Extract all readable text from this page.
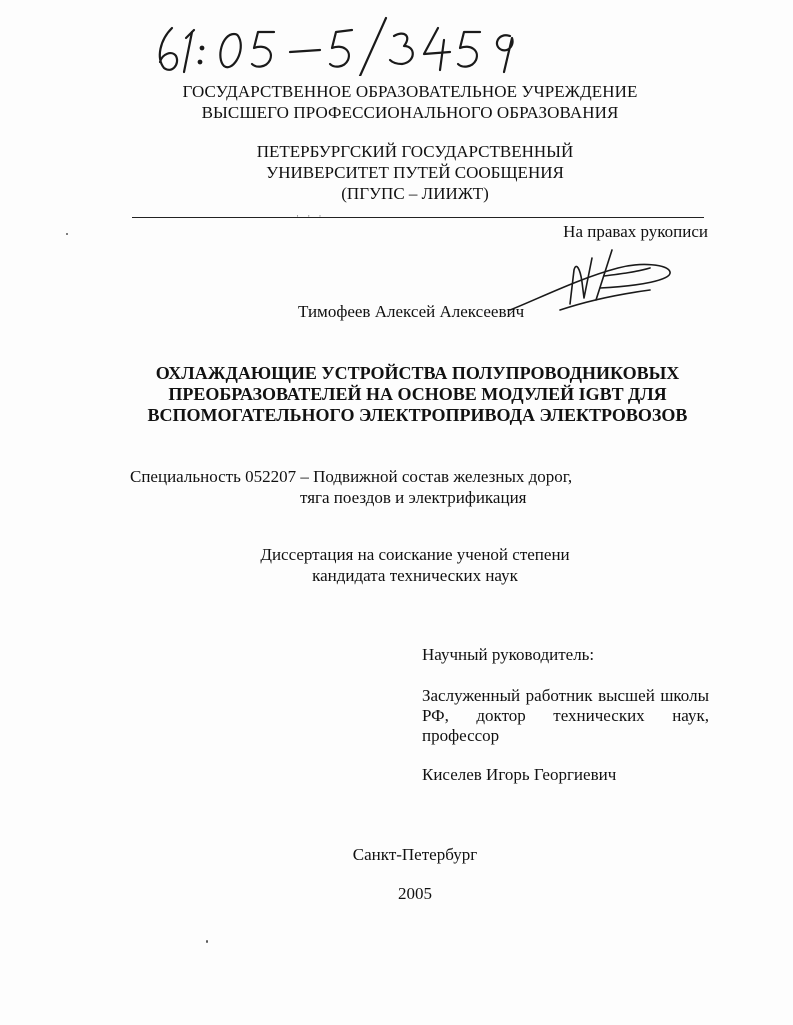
ГОСУДАРСТВЕННОЕ ОБРАЗОВАТЕЛЬНОЕ УЧРЕЖДЕНИЕ
ВЫСШЕГО ПРОФЕССИОНАЛЬНОГО ОБРАЗОВАНИЯ
ПЕТЕРБУРГСКИЙ ГОСУДАРСТВЕННЫЙ
УНИВЕРСИТЕТ ПУТЕЙ СООБЩЕНИЯ
(ПГУПС – ЛИИЖТ)
· · ·
На правах рукописи
Тимофеев Алексей Алексеевич
ОХЛАЖДАЮЩИЕ УСТРОЙСТВА ПОЛУПРОВОДНИКОВЫХ
ПРЕОБРАЗОВАТЕЛЕЙ НА ОСНОВЕ МОДУЛЕЙ IGBT ДЛЯ
ВСПОМОГАТЕЛЬНОГО ЭЛЕКТРОПРИВОДА ЭЛЕКТРОВОЗОВ
Специальность 052207 – Подвижной состав железных дорог,
тяга поездов и электрификация
Диссертация на соискание ученой степени
кандидата технических наук
Научный руководитель:
Заслуженный работник высшей школы РФ, доктор технических наук, профессор
Киселев Игорь Георгиевич
Санкт-Петербург
2005
